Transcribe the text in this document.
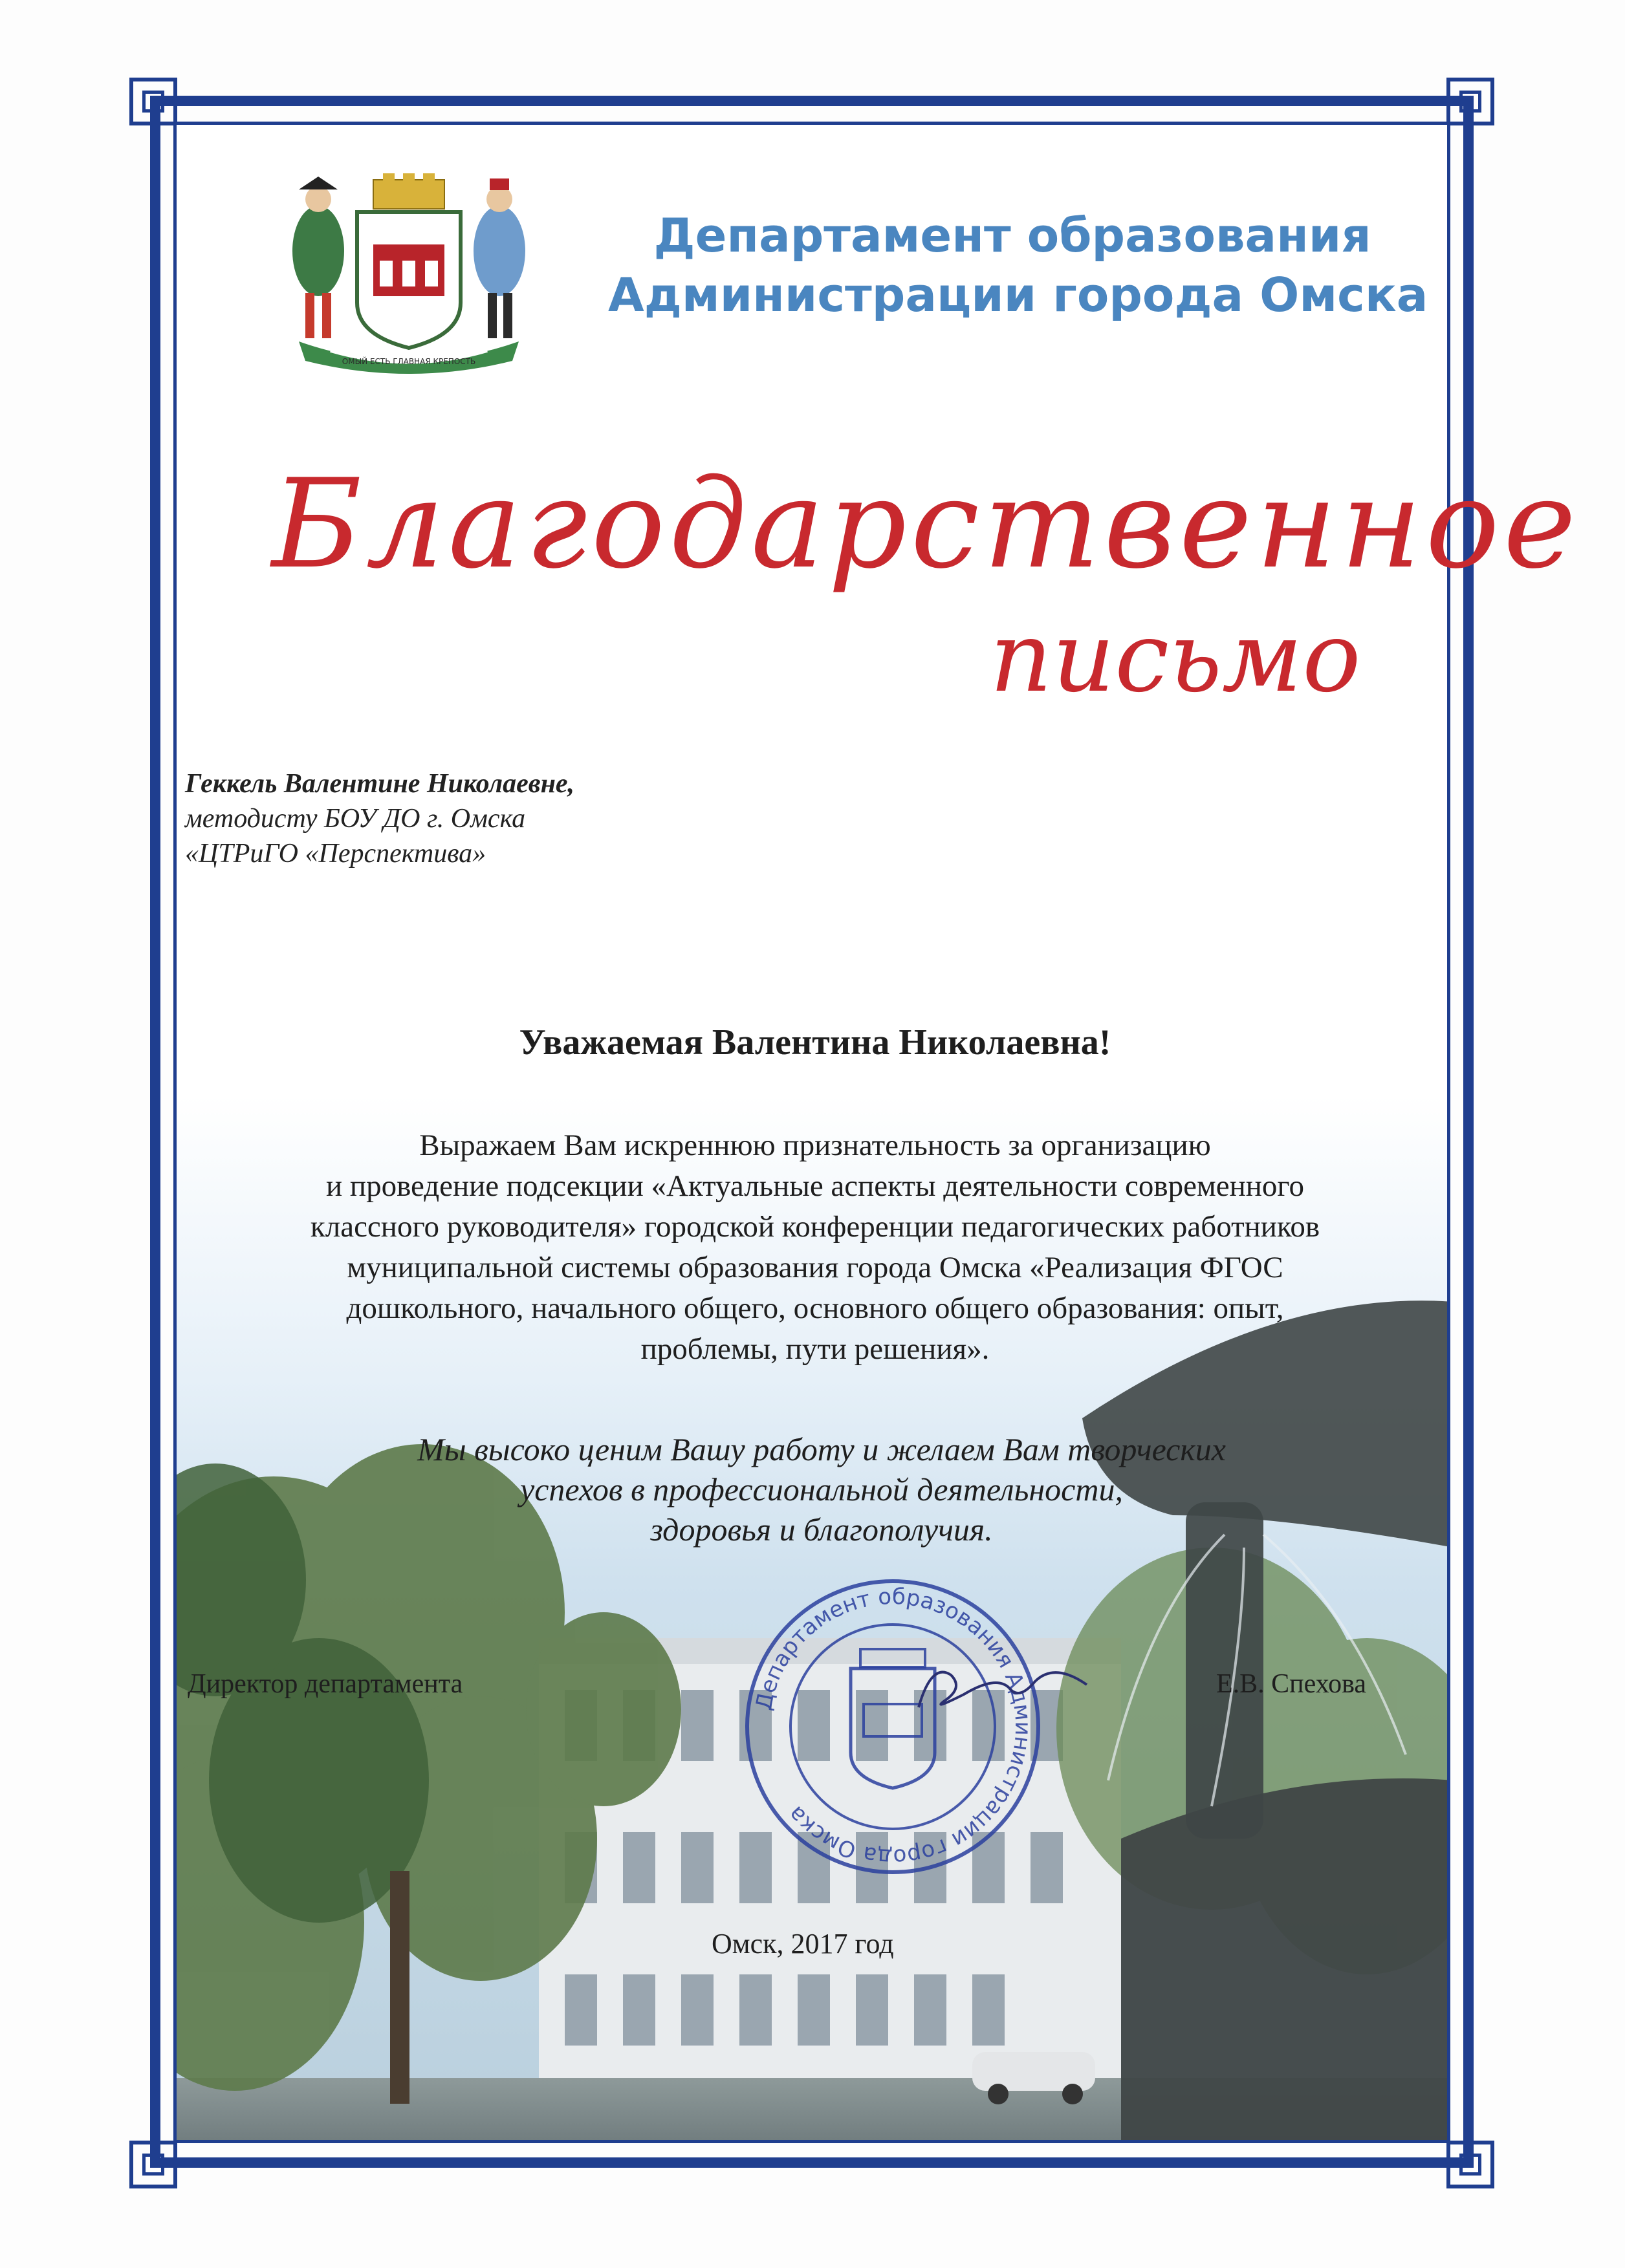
ОМЫЙ ЕСТЬ ГЛАВНАЯ КРЕПОСТЬ
Департамент образования
Администрации города Омска
Благодарственное
письмо
Геккель Валентине Николаевне,
методисту БОУ ДО г. Омска
«ЦТРиГО «Перспектива»
Уважаемая Валентина Николаевна!
Выражаем Вам искреннюю признательность за организацию
и проведение подсекции «Актуальные аспекты деятельности современного
классного руководителя» городской конференции педагогических работников
муниципальной системы образования города Омска «Реализация ФГОС
дошкольного, начального общего, основного общего образования: опыт,
проблемы, пути решения».
Мы высоко ценим Вашу работу и желаем Вам творческих
успехов в профессиональной деятельности,
здоровья и благополучия.
Департамент образования Администрации города Омска
Директор департамента	Е.В. Спехова
Омск, 2017 год
